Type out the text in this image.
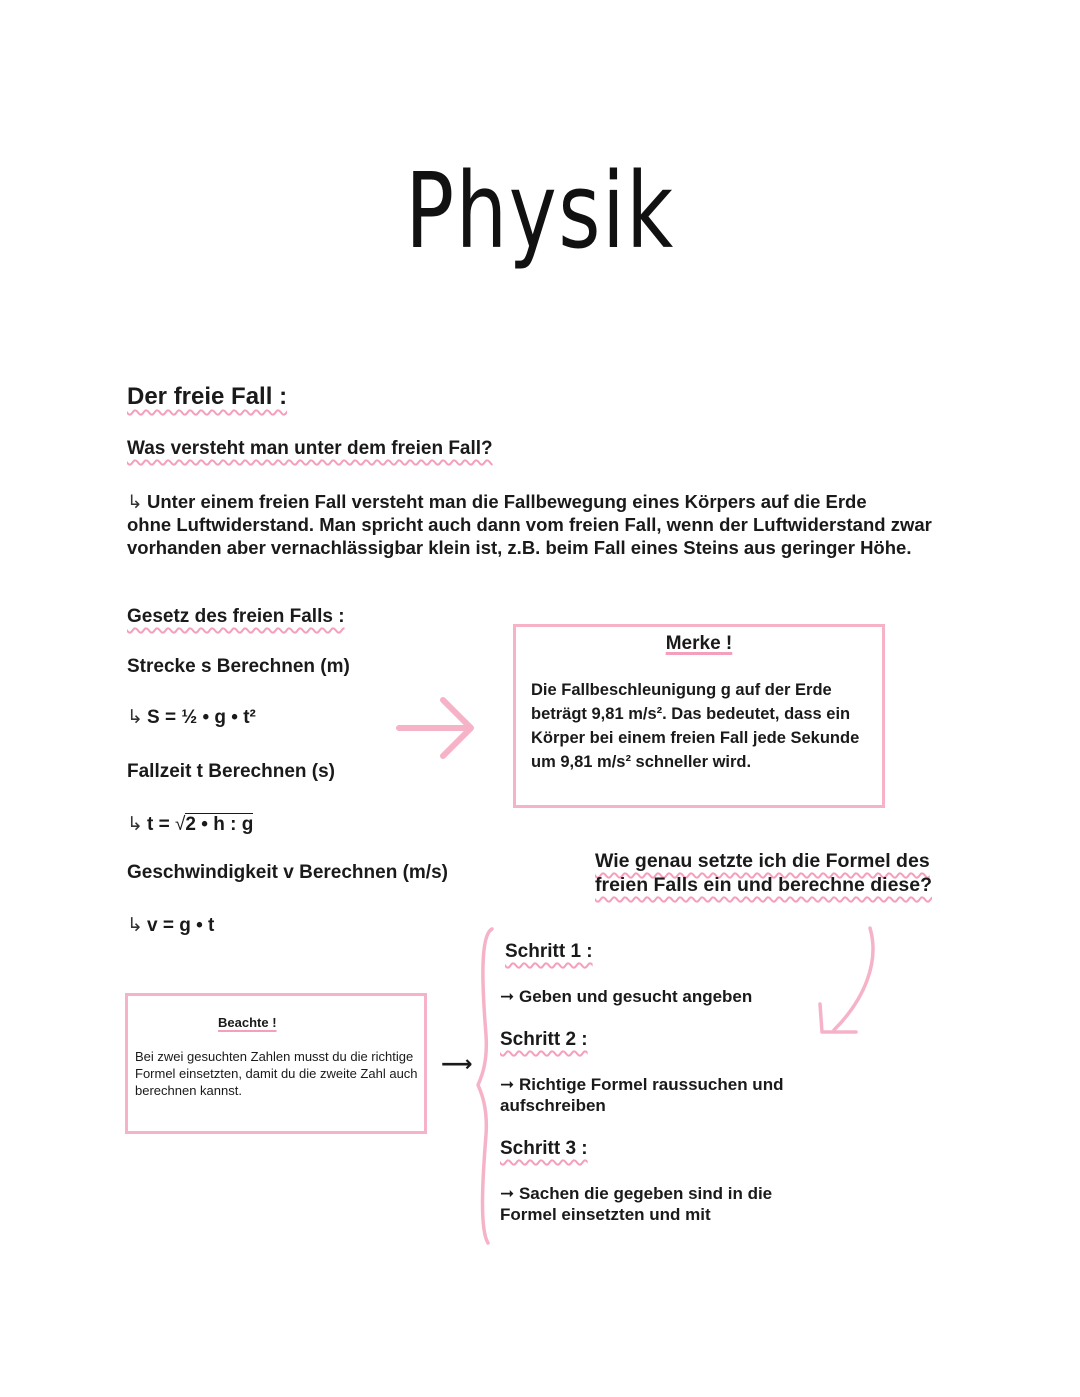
Physik
Der freie Fall :
Was versteht man unter dem freien Fall?
↳ Unter einem freien Fall versteht man die Fallbewegung eines Körpers auf die Erde
ohne Luftwiderstand. Man spricht auch dann vom freien Fall, wenn der Luftwiderstand zwar vorhanden aber vernachlässigbar klein ist, z.B. beim Fall eines Steins aus geringer Höhe.
Gesetz des freien Falls :
Strecke s Berechnen (m)
↳ S = ½ • g • t²
Fallzeit t Berechnen (s)
↳ t = √2 • h : g
Geschwindigkeit v Berechnen (m/s)
↳ v = g • t
Merke !
Die Fallbeschleunigung g auf der Erde beträgt 9,81 m/s². Das bedeutet, dass ein Körper bei einem freien Fall jede Sekunde um 9,81 m/s² schneller wird.
Beachte !
Bei zwei gesuchten Zahlen musst du die richtige Formel einsetzten, damit du die zweite Zahl auch berechnen kannst.
⟶
Wie genau setzte ich die Formel des freien Falls ein und berechne diese?
Schritt 1 :
➞ Geben und gesucht angeben
Schritt 2 :
➞ Richtige Formel raussuchen und aufschreiben
Schritt 3 :
➞ Sachen die gegeben sind in die Formel einsetzten und mit
